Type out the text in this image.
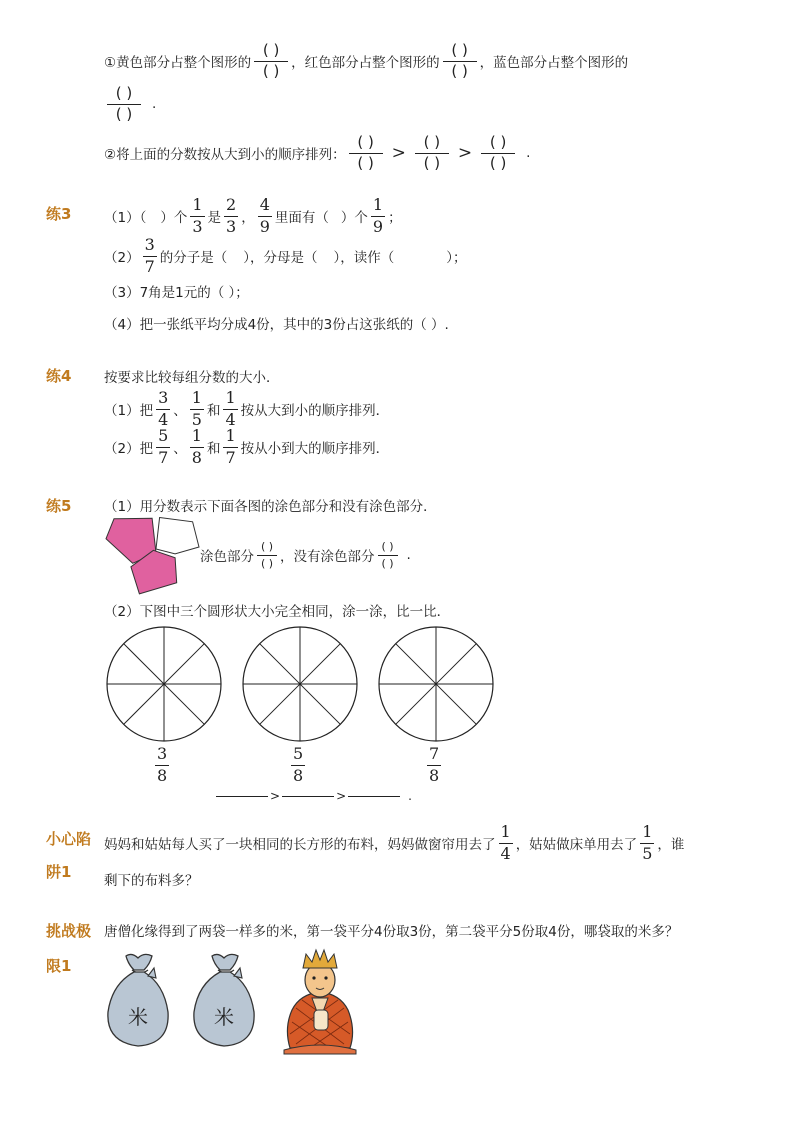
①黄色部分占整个图形的 $\frac{( )}{( )}$ ，红色部分占整个图形的 $\frac{( )}{( )}$ ，蓝色部分占整个图形的
$\frac{( )}{( )}$ .
②将上面的分数按从大到小的顺序排列： $\frac{( )}{( )} > \frac{( )}{( )} > \frac{( )}{( )}$ .
练3 （1）（ ）个 $\frac{1}{3}$ 是 $\frac{2}{3}$ ， $\frac{4}{9}$ 里面有（ ）个 $\frac{1}{9}$ ；
$(2) \frac{3}{7}$ 的分子是（ ），分母是（ ），读作（	）；
（3）7角是1元的（ ）；
（4）把一张纸平均分成4份，其中的3份占这张纸的（ ）.
练4 按要求比较每组分数的大小．
（1）把 $\frac{3}{4}$ 、 $\frac{1}{5}$ 和 $\frac{1}{4}$ 按从大到小的顺序排列．
（2）把 $\frac{5}{7}$ 、 $\frac{1}{8}$ 和 $\frac{1}{7}$ 按从小到大的顺序排列．
练5 （1）用分数表示下面各图的涂色部分和没有涂色部分．
涂色部分 $\frac{( )}{( )}$ ，没有涂色部分 $\frac{( )}{( )}$ .
（2）下图中三个圆形状大小完全相同，涂一涂，比一比．
$\frac{3}{8}$	$\frac{5}{8}$	$\frac{7}{8}$
>	>	.
小心陷
阱1
妈妈和姑姑每人买了一块相同的长方形的布料，妈妈做窗帘用去了 $\frac{1}{4}$ ，姑姑做床单用去了 $\frac{1}{5}$ ，谁
剩下的布料多？
挑战极
限1
唐僧化缘得到了两袋一样多的米，第一袋平分4份取3份，第二袋平分5份取4份，哪袋取的米多？
米	米
